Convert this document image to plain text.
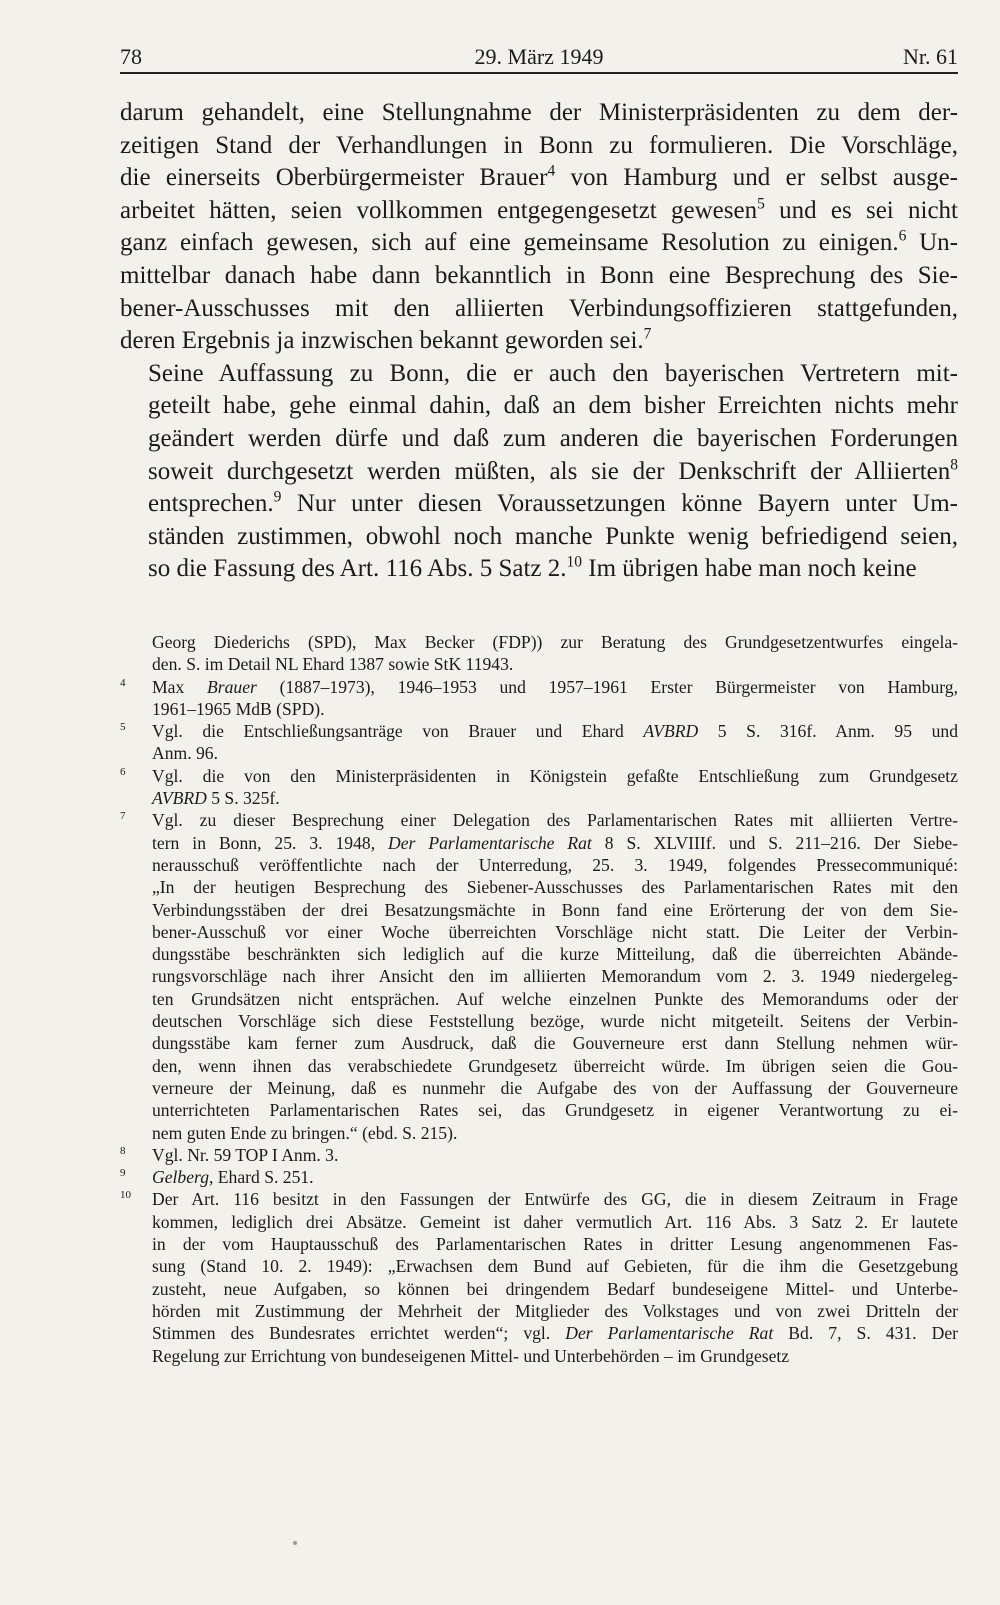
78	29. März 1949	Nr. 61

darum gehandelt, eine Stellungnahme der Ministerpräsidenten zu dem der-
zeitigen Stand der Verhandlungen in Bonn zu formulieren. Die Vorschläge,
die einerseits Oberbürgermeister Brauer$^4$ von Hamburg und er selbst ausge-
arbeitet hätten, seien vollkommen entgegengesetzt gewesen$^5$ und es sei nicht
ganz einfach gewesen, sich auf eine gemeinsame Resolution zu einigen.$^6$ Un-
mittelbar danach habe dann bekanntlich in Bonn eine Besprechung des Sie-
bener-Ausschusses mit den alliierten Verbindungsoffizieren stattgefunden,
deren Ergebnis ja inzwischen bekannt geworden sei.$^7$

Seine Auffassung zu Bonn, die er auch den bayerischen Vertretern mit-
geteilt habe, gehe einmal dahin, daß an dem bisher Erreichten nichts mehr
geändert werden dürfe und daß zum anderen die bayerischen Forderungen
soweit durchgesetzt werden müßten, als sie der Denkschrift der Alliierten$^8$
entsprechen.$^9$ Nur unter diesen Voraussetzungen könne Bayern unter Um-
ständen zustimmen, obwohl noch manche Punkte wenig befriedigend seien,
so die Fassung des Art. 116 Abs. 5 Satz 2.10 Im übrigen habe man noch keine

Georg Diederichs (SPD), Max Becker (FDP)) zur Beratung des Grundgesetzentwurfes eingela-
den. S. im Detail NL Ehard 1387 sowie StK 11943.
4 Max Brauer (1887–1973), 1946–1953 und 1957–1961 Erster Bürgermeister von Hamburg,
1961–1965 MdB (SPD).
5 Vgl. die Entschließungsanträge von Brauer und Ehard AVBRD 5 S. 316f. Anm. 95 und
Anm. 96.
6 Vgl. die von den Ministerpräsidenten in Königstein gefaßte Entschließung zum Grundgesetz
AVBRD 5 S. 325f.
7 Vgl. zu dieser Besprechung einer Delegation des Parlamentarischen Rates mit alliierten Vertre-
tern in Bonn, 25. 3. 1948, Der Parlamentarische Rat 8 S. XLVIIIf. und S. 211–216. Der Siebe-
nerausschuß veröffentlichte nach der Unterredung, 25. 3. 1949, folgendes Pressecommuniqué:
„In der heutigen Besprechung des Siebener-Ausschusses des Parlamentarischen Rates mit den
Verbindungsstäben der drei Besatzungsmächte in Bonn fand eine Erörterung der von dem Sie-
bener-Ausschuß vor einer Woche überreichten Vorschläge nicht statt. Die Leiter der Verbin-
dungsstäbe beschränkten sich lediglich auf die kurze Mitteilung, daß die überreichten Abände-
rungsvorschläge nach ihrer Ansicht den im alliierten Memorandum vom 2. 3. 1949 niedergeleg-
ten Grundsätzen nicht entsprächen. Auf welche einzelnen Punkte des Memorandums oder der
deutschen Vorschläge sich diese Feststellung bezöge, wurde nicht mitgeteilt. Seitens der Verbin-
dungsstäbe kam ferner zum Ausdruck, daß die Gouverneure erst dann Stellung nehmen wür-
den, wenn ihnen das verabschiedete Grundgesetz überreicht würde. Im übrigen seien die Gou-
verneure der Meinung, daß es nunmehr die Aufgabe des von der Auffassung der Gouverneure
unterrichteten Parlamentarischen Rates sei, das Grundgesetz in eigener Verantwortung zu ei-
nem guten Ende zu bringen.“ (ebd. S. 215).
8 Vgl. Nr. 59 TOP I Anm. 3.
9 Gelberg, Ehard S. 251.
10 Der Art. 116 besitzt in den Fassungen der Entwürfe des GG, die in diesem Zeitraum in Frage
kommen, lediglich drei Absätze. Gemeint ist daher vermutlich Art. 116 Abs. 3 Satz 2. Er lautete
in der vom Hauptausschuß des Parlamentarischen Rates in dritter Lesung angenommenen Fas-
sung (Stand 10. 2. 1949): „Erwachsen dem Bund auf Gebieten, für die ihm die Gesetzgebung
zusteht, neue Aufgaben, so können bei dringendem Bedarf bundeseigene Mittel- und Unterbe-
hörden mit Zustimmung der Mehrheit der Mitglieder des Volkstages und von zwei Dritteln der
Stimmen des Bundesrates errichtet werden“; vgl. Der Parlamentarische Rat Bd. 7, S. 431. Der
Regelung zur Errichtung von bundeseigenen Mittel- und Unterbehörden – im Grundgesetz
